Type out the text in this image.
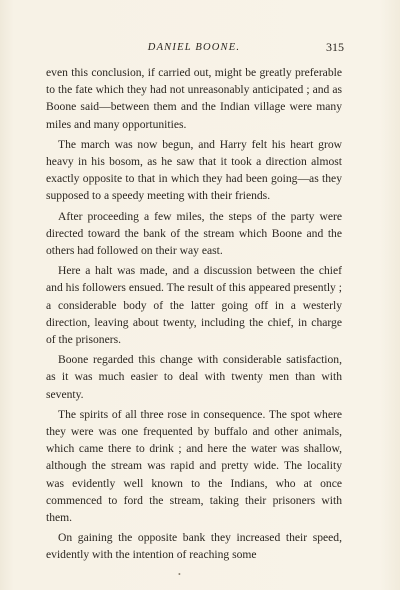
DANIEL BOONE.	315

even this conclusion, if carried out, might be greatly preferable to the fate which they had not unreasonably anticipated ; and as Boone said—between them and the Indian village were many miles and many opportunities.

The march was now begun, and Harry felt his heart grow heavy in his bosom, as he saw that it took a direction almost exactly opposite to that in which they had been going—as they supposed to a speedy meeting with their friends.

After proceeding a few miles, the steps of the party were directed toward the bank of the stream which Boone and the others had followed on their way east.

Here a halt was made, and a discussion between the chief and his followers ensued. The result of this appeared presently ; a considerable body of the latter going off in a westerly direction, leaving about twenty, including the chief, in charge of the prisoners.

Boone regarded this change with considerable satisfaction, as it was much easier to deal with twenty men than with seventy.

The spirits of all three rose in consequence. The spot where they were was one frequented by buffalo and other animals, which came there to drink ; and here the water was shallow, although the stream was rapid and pretty wide. The locality was evidently well known to the Indians, who at once commenced to ford the stream, taking their prisoners with them.

On gaining the opposite bank they increased their speed, evidently with the intention of reaching some

•
